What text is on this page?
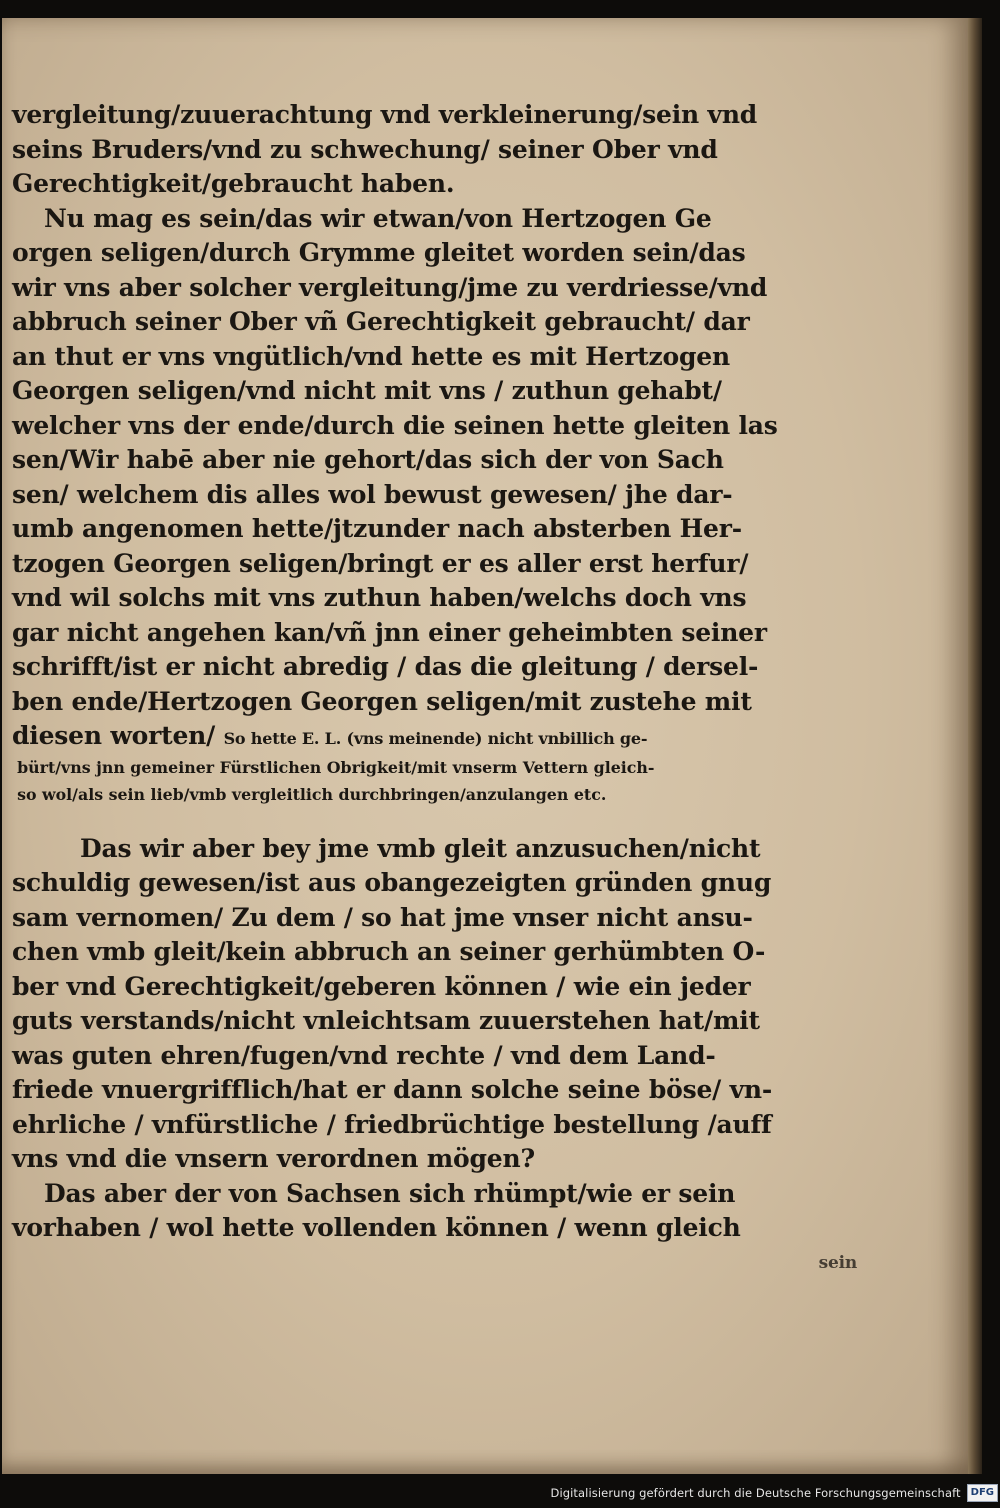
vergleitung/zuuerachtung vnd verkleinerung/sein vnd
seins Bruders/vnd zu schwechung/ seiner Ober vnd
Gerechtigkeit/gebraucht haben.
Nu mag es sein/das wir etwan/von Hertzogen Ge
orgen seligen/durch Grymme gleitet worden sein/das
wir vns aber solcher vergleitung/jme zu verdriesse/vnd
abbruch seiner Ober vñ Gerechtigkeit gebraucht/ dar
an thut er vns vngütlich/vnd hette es mit Hertzogen
Georgen seligen/vnd nicht mit vns / zuthun gehabt/
welcher vns der ende/durch die seinen hette gleiten las
sen/Wir habē aber nie gehort/das sich der von Sach
sen/ welchem dis alles wol bewust gewesen/ jhe dar-
umb angenomen hette/jtzunder nach absterben Her-
tzogen Georgen seligen/bringt er es aller erst herfur/
vnd wil solchs mit vns zuthun haben/welchs doch vns
gar nicht angehen kan/vñ jnn einer geheimbten seiner
schrifft/ist er nicht abredig / das die gleitung / dersel-
ben ende/Hertzogen Georgen seligen/mit zustehe mit
diesen worten/ So hette E. L. (vns meinende) nicht vnbillich ge-
bürt/vns jnn gemeiner Fürstlichen Obrigkeit/mit vnserm Vettern gleich-
so wol/als sein lieb/vmb vergleitlich durchbringen/anzulangen etc.
Das wir aber bey jme vmb gleit anzusuchen/nicht
schuldig gewesen/ist aus obangezeigten gründen gnug
sam vernomen/ Zu dem / so hat jme vnser nicht ansu-
chen vmb gleit/kein abbruch an seiner gerhümbten O-
ber vnd Gerechtigkeit/geberen können / wie ein jeder
guts verstands/nicht vnleichtsam zuuerstehen hat/mit
was guten ehren/fugen/vnd rechte / vnd dem Land-
friede vnuergrifflich/hat er dann solche seine böse/ vn-
ehrliche / vnfürstliche / friedbrüchtige bestellung /auff
vns vnd die vnsern verordnen mögen?
Das aber der von Sachsen sich rhümpt/wie er sein
vorhaben / wol hette vollenden können / wenn gleich
sein
Digitalisierung gefördert durch die Deutsche Forschungsgemeinschaft	DFG
